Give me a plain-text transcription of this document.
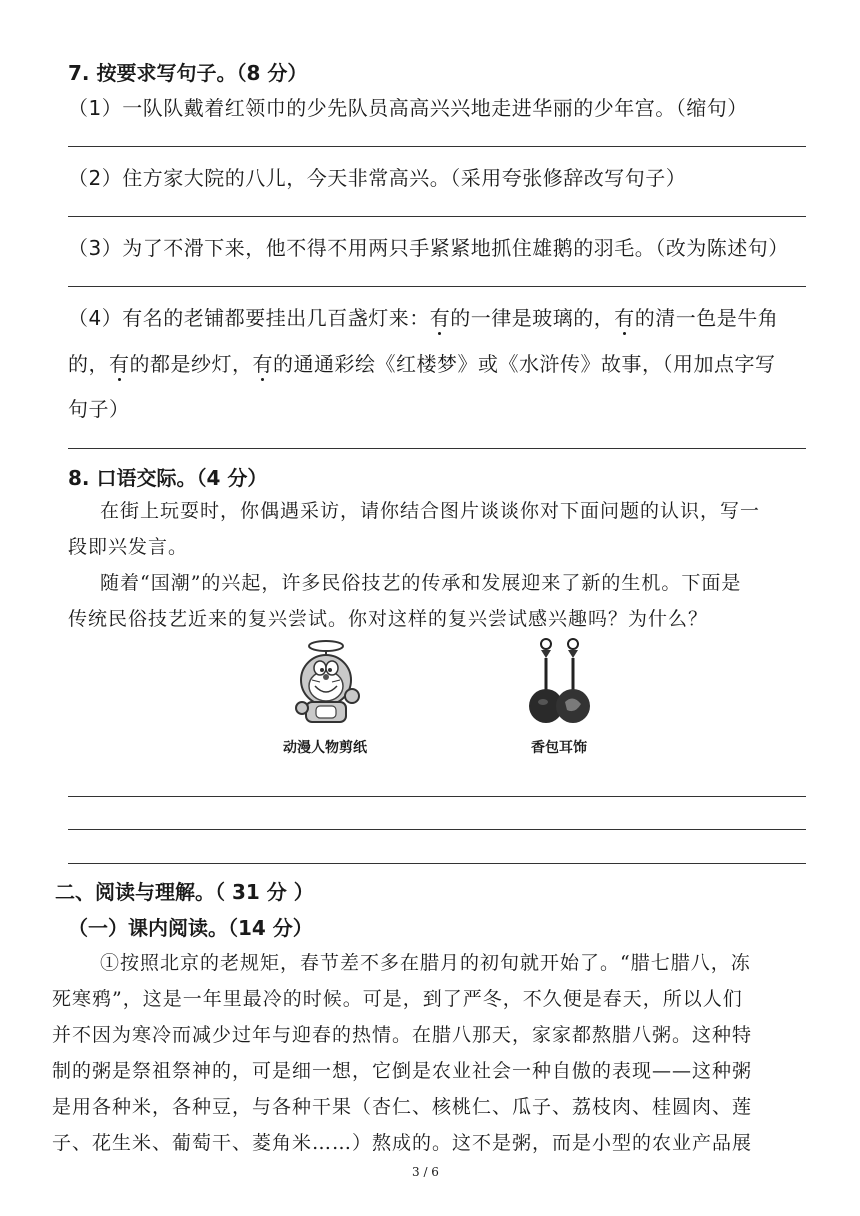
7. 按要求写句子。（8 分）
（1）一队队戴着红领巾的少先队员高高兴兴地走进华丽的少年宫。（缩句）
（2）住方家大院的八儿，今天非常高兴。（采用夸张修辞改写句子）
（3）为了不滑下来，他不得不用两只手紧紧地抓住雄鹅的羽毛。（改为陈述句）
（4）有名的老铺都要挂出几百盏灯来：有的一律是玻璃的，有的清一色是牛角
的，有的都是纱灯，有的通通彩绘《红楼梦》或《水浒传》故事，（用加点字写
句子）
8. 口语交际。（4 分）
在街上玩耍时，你偶遇采访，请你结合图片谈谈你对下面问题的认识，写一
段即兴发言。
随着“国潮”的兴起，许多民俗技艺的传承和发展迎来了新的生机。下面是
传统民俗技艺近来的复兴尝试。你对这样的复兴尝试感兴趣吗？为什么？
动漫人物剪纸	香包耳饰
二、阅读与理解。（ 31 分 ）
（一）课内阅读。（14 分）
①按照北京的老规矩，春节差不多在腊月的初旬就开始了。“腊七腊八，冻
死寒鸦”，这是一年里最冷的时候。可是，到了严冬，不久便是春天，所以人们
并不因为寒冷而减少过年与迎春的热情。在腊八那天，家家都熬腊八粥。这种特
制的粥是祭祖祭神的，可是细一想，它倒是农业社会一种自傲的表现——这种粥
是用各种米，各种豆，与各种干果（杏仁、核桃仁、瓜子、荔枝肉、桂圆肉、莲
子、花生米、葡萄干、菱角米……）熬成的。这不是粥，而是小型的农业产品展
3 / 6
